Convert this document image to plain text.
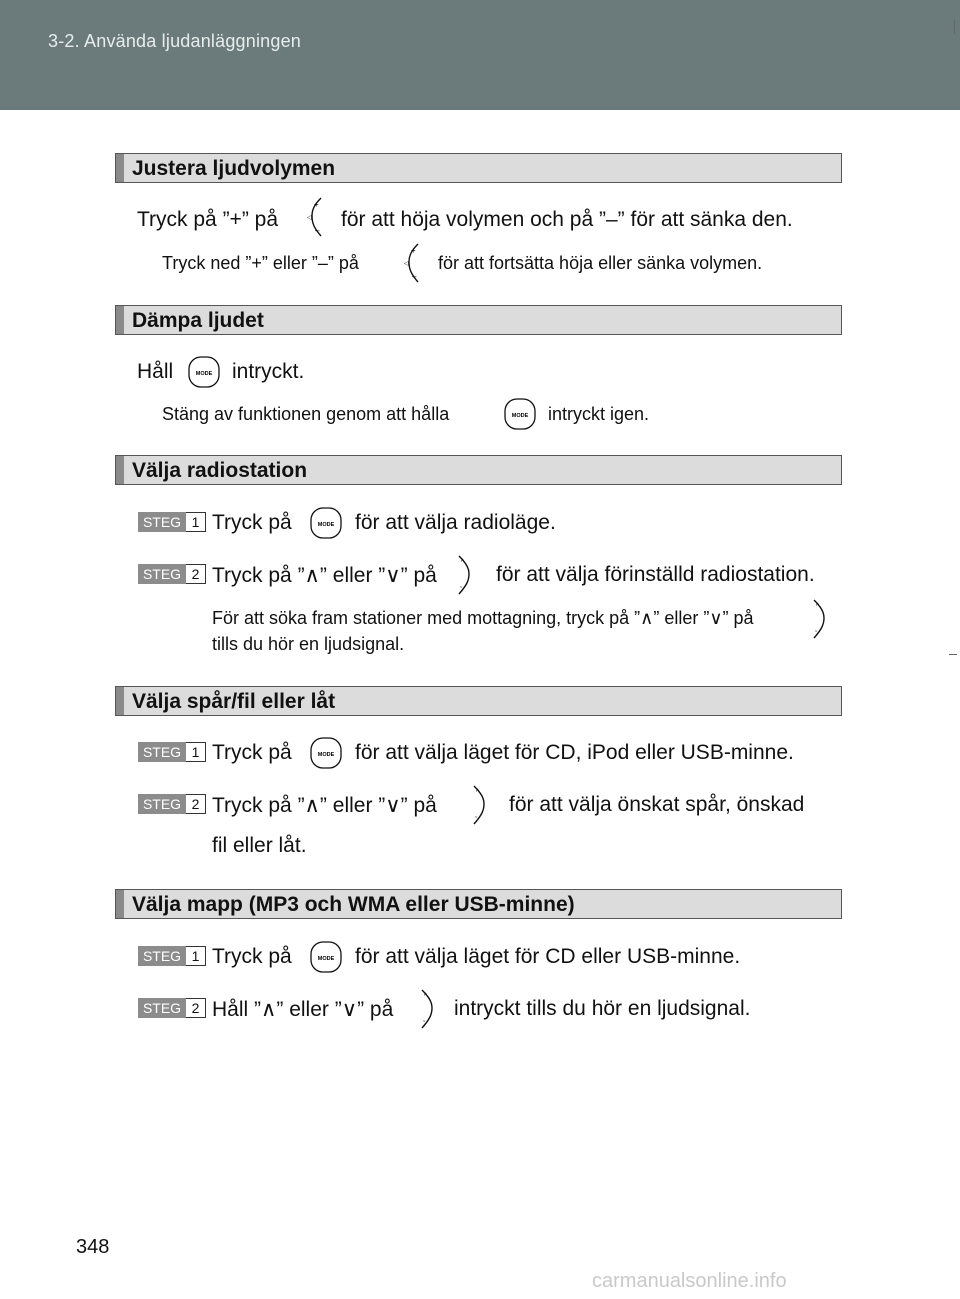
3-2. Använda ljudanläggningen
Justera ljudvolymen
Tryck på ”+” på	för att höja volymen och på ”–” för att sänka den.
Tryck ned ”+” eller ”–” på	för att fortsätta höja eller sänka volymen.
Dämpa ljudet
Håll	intryckt.
Stäng av funktionen genom att hålla	intryckt igen.
Välja radiostation
STEG 1 Tryck på	för att välja radioläge.
STEG 2 Tryck på ”∧” eller ”∨” på	för att välja förinställd radiostation.
För att söka fram stationer med mottagning, tryck på ”∧” eller ”∨” på
tills du hör en ljudsignal.
Välja spår/fil eller låt
STEG 1 Tryck på	för att välja läget för CD, iPod eller USB-minne.
STEG 2 Tryck på ”∧” eller ”∨” på	för att välja önskat spår, önskad
fil eller låt.
Välja mapp (MP3 och WMA eller USB-minne)
STEG 1 Tryck på	för att välja läget för CD eller USB-minne.
STEG 2 Håll ”∧” eller ”∨” på	intryckt tills du hör en ljudsignal.
348
carmanualsonline.info
